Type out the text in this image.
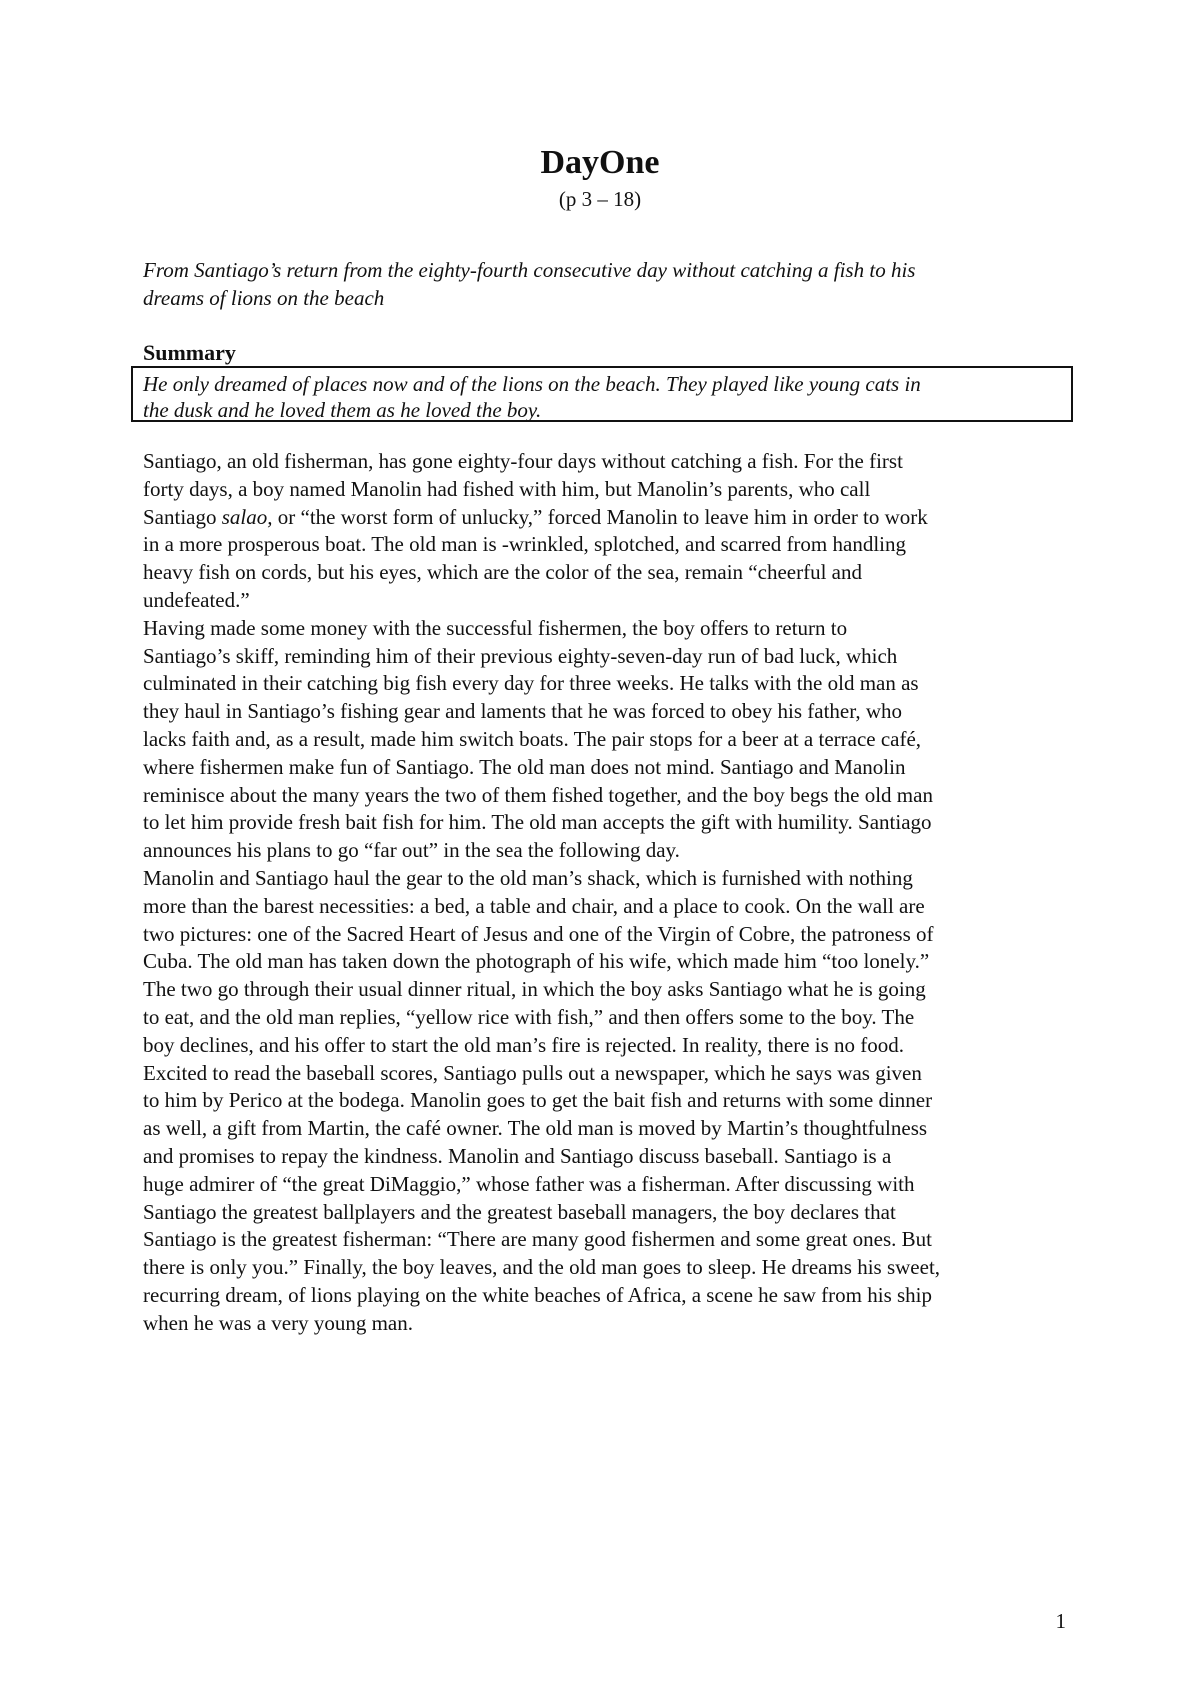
DayOne
(p 3 – 18)
From Santiago’s return from the eighty-fourth consecutive day without catching a fish to his
dreams of lions on the beach
Summary
He only dreamed of places now and of the lions on the beach. They played like young cats in
the dusk and he loved them as he loved the boy.
Santiago, an old fisherman, has gone eighty-four days without catching a fish. For the first
forty days, a boy named Manolin had fished with him, but Manolin’s parents, who call
Santiago salao, or “the worst form of unlucky,” forced Manolin to leave him in order to work
in a more prosperous boat. The old man is -wrinkled, splotched, and scarred from handling
heavy fish on cords, but his eyes, which are the color of the sea, remain “cheerful and
undefeated.”
Having made some money with the successful fishermen, the boy offers to return to
Santiago’s skiff, reminding him of their previous eighty-seven-day run of bad luck, which
culminated in their catching big fish every day for three weeks. He talks with the old man as
they haul in Santiago’s fishing gear and laments that he was forced to obey his father, who
lacks faith and, as a result, made him switch boats. The pair stops for a beer at a terrace café,
where fishermen make fun of Santiago. The old man does not mind. Santiago and Manolin
reminisce about the many years the two of them fished together, and the boy begs the old man
to let him provide fresh bait fish for him. The old man accepts the gift with humility. Santiago
announces his plans to go “far out” in the sea the following day.
Manolin and Santiago haul the gear to the old man’s shack, which is furnished with nothing
more than the barest necessities: a bed, a table and chair, and a place to cook. On the wall are
two pictures: one of the Sacred Heart of Jesus and one of the Virgin of Cobre, the patroness of
Cuba. The old man has taken down the photograph of his wife, which made him “too lonely.”
The two go through their usual dinner ritual, in which the boy asks Santiago what he is going
to eat, and the old man replies, “yellow rice with fish,” and then offers some to the boy. The
boy declines, and his offer to start the old man’s fire is rejected. In reality, there is no food.
Excited to read the baseball scores, Santiago pulls out a newspaper, which he says was given
to him by Perico at the bodega. Manolin goes to get the bait fish and returns with some dinner
as well, a gift from Martin, the café owner. The old man is moved by Martin’s thoughtfulness
and promises to repay the kindness. Manolin and Santiago discuss baseball. Santiago is a
huge admirer of “the great DiMaggio,” whose father was a fisherman. After discussing with
Santiago the greatest ballplayers and the greatest baseball managers, the boy declares that
Santiago is the greatest fisherman: “There are many good fishermen and some great ones. But
there is only you.” Finally, the boy leaves, and the old man goes to sleep. He dreams his sweet,
recurring dream, of lions playing on the white beaches of Africa, a scene he saw from his ship
when he was a very young man.
1
